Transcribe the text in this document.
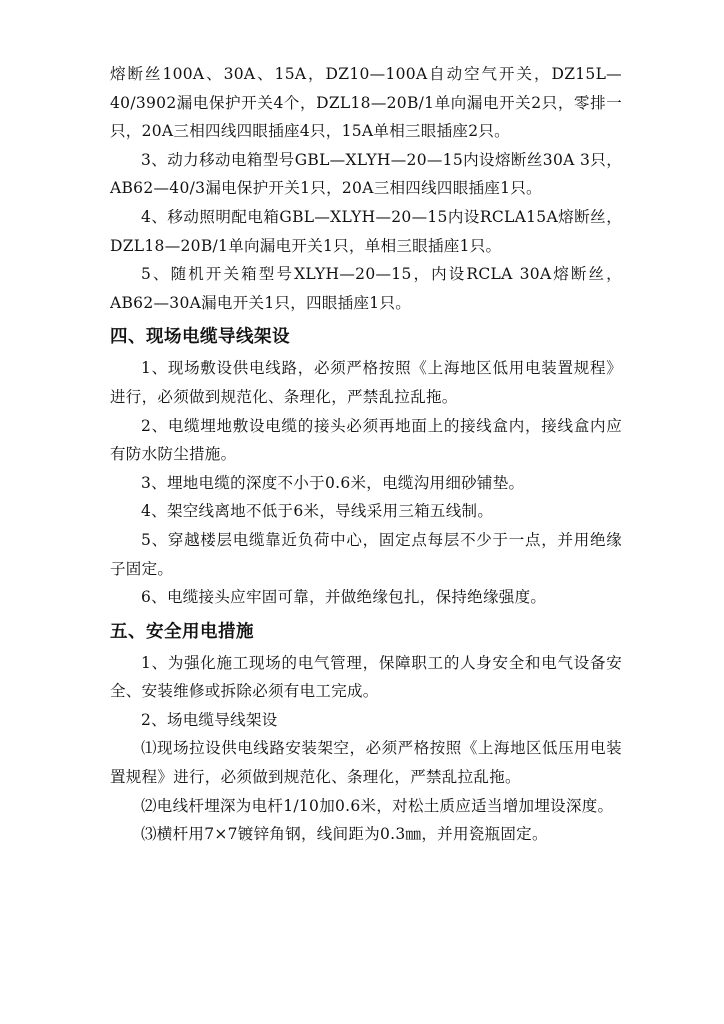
熔断丝100A、30A、15A，DZ10—100A自动空气开关，DZ15L—40/3902漏电保护开关4个，DZL18—20B/1单向漏电开关2只，零排一只，20A三相四线四眼插座4只，15A单相三眼插座2只。

3、动力移动电箱型号GBL—XLYH—20—15内设熔断丝30A 3只，AB62—40/3漏电保护开关1只，20A三相四线四眼插座1只。

4、移动照明配电箱GBL—XLYH—20—15内设RCLA15A熔断丝，DZL18—20B/1单向漏电开关1只，单相三眼插座1只。

5、随机开关箱型号XLYH—20—15，内设RCLA 30A熔断丝，AB62—30A漏电开关1只，四眼插座1只。

四、现场电缆导线架设

1、现场敷设供电线路，必须严格按照《上海地区低用电装置规程》进行，必须做到规范化、条理化，严禁乱拉乱拖。

2、电缆埋地敷设电缆的接头必须再地面上的接线盒内，接线盒内应有防水防尘措施。

3、埋地电缆的深度不小于0.6米，电缆沟用细砂铺垫。

4、架空线离地不低于6米，导线采用三箱五线制。

5、穿越楼层电缆靠近负荷中心，固定点每层不少于一点，并用绝缘子固定。

6、电缆接头应牢固可靠，并做绝缘包扎，保持绝缘强度。

五、安全用电措施

1、为强化施工现场的电气管理，保障职工的人身安全和电气设备安全、安装维修或拆除必须有电工完成。

2、场电缆导线架设

⑴现场拉设供电线路安装架空，必须严格按照《上海地区低压用电装置规程》进行，必须做到规范化、条理化，严禁乱拉乱拖。

⑵电线杆埋深为电杆1/10加0.6米，对松土质应适当增加埋设深度。

⑶横杆用7×7镀锌角钢，线间距为0.3㎜，并用瓷瓶固定。
